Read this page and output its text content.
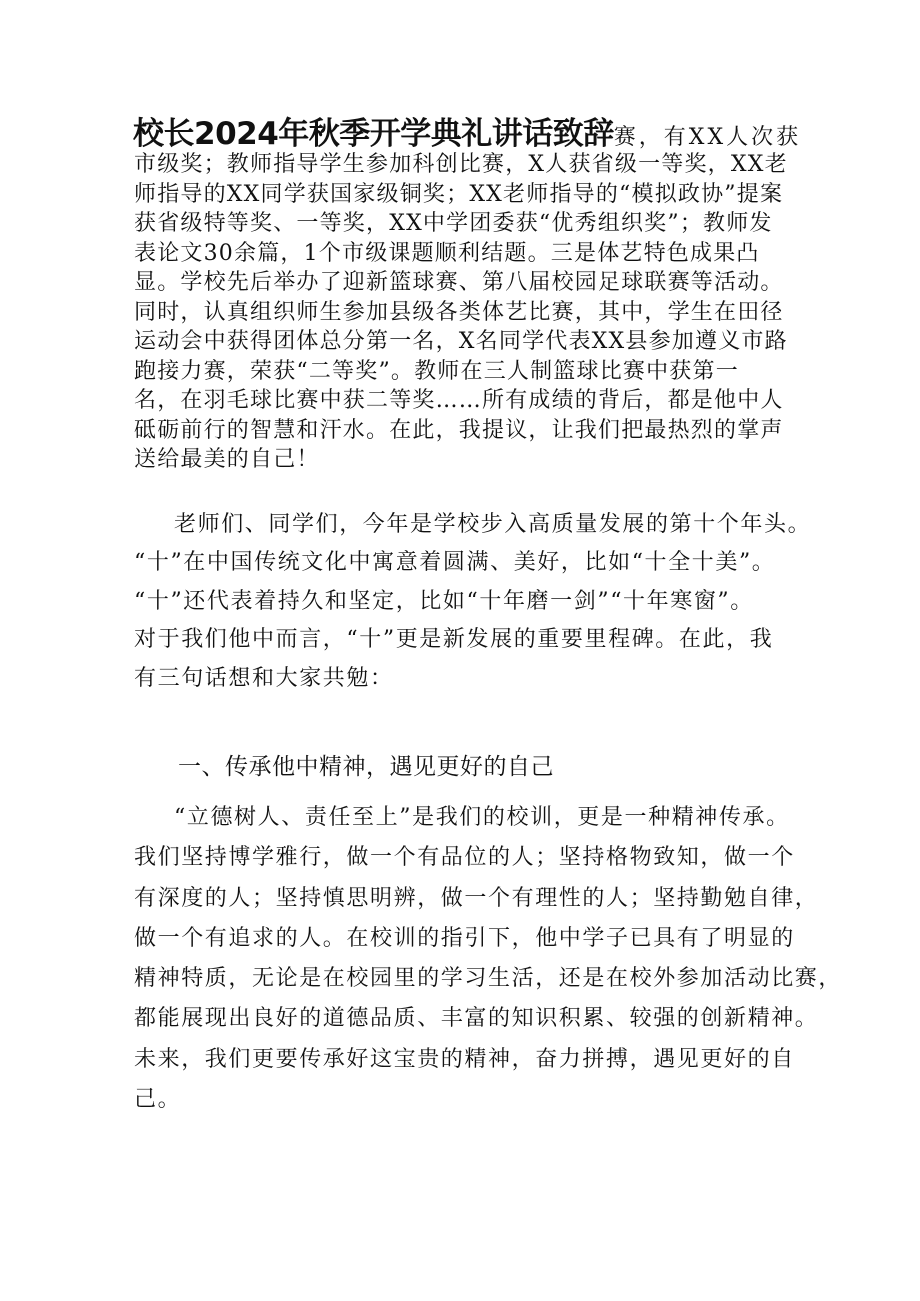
校长2024年秋季开学典礼讲话致辞赛，有XX人次获
市级奖；教师指导学生参加科创比赛，X人获省级一等奖，XX老
师指导的XX同学获国家级铜奖；XX老师指导的“模拟政协”提案
获省级特等奖、一等奖，XX中学团委获“优秀组织奖”；教师发
表论文30余篇，1个市级课题顺利结题。三是体艺特色成果凸
显。学校先后举办了迎新篮球赛、第八届校园足球联赛等活动。
同时，认真组织师生参加县级各类体艺比赛，其中，学生在田径
运动会中获得团体总分第一名，X名同学代表XX县参加遵义市路
跑接力赛，荣获“二等奖”。教师在三人制篮球比赛中获第一
名，在羽毛球比赛中获二等奖……所有成绩的背后，都是他中人
砥砺前行的智慧和汗水。在此，我提议，让我们把最热烈的掌声
送给最美的自己！
老师们、同学们，今年是学校步入高质量发展的第十个年头。
“十”在中国传统文化中寓意着圆满、美好，比如“十全十美”。
“十”还代表着持久和坚定，比如“十年磨一剑”“十年寒窗”。
对于我们他中而言，“十”更是新发展的重要里程碑。在此，我
有三句话想和大家共勉：
一、传承他中精神，遇见更好的自己
“立德树人、责任至上”是我们的校训，更是一种精神传承。
我们坚持博学雅行，做一个有品位的人；坚持格物致知，做一个
有深度的人；坚持慎思明辨，做一个有理性的人；坚持勤勉自律，
做一个有追求的人。在校训的指引下，他中学子已具有了明显的
精神特质，无论是在校园里的学习生活，还是在校外参加活动比赛，
都能展现出良好的道德品质、丰富的知识积累、较强的创新精神。
未来，我们更要传承好这宝贵的精神，奋力拼搏，遇见更好的自
己。
